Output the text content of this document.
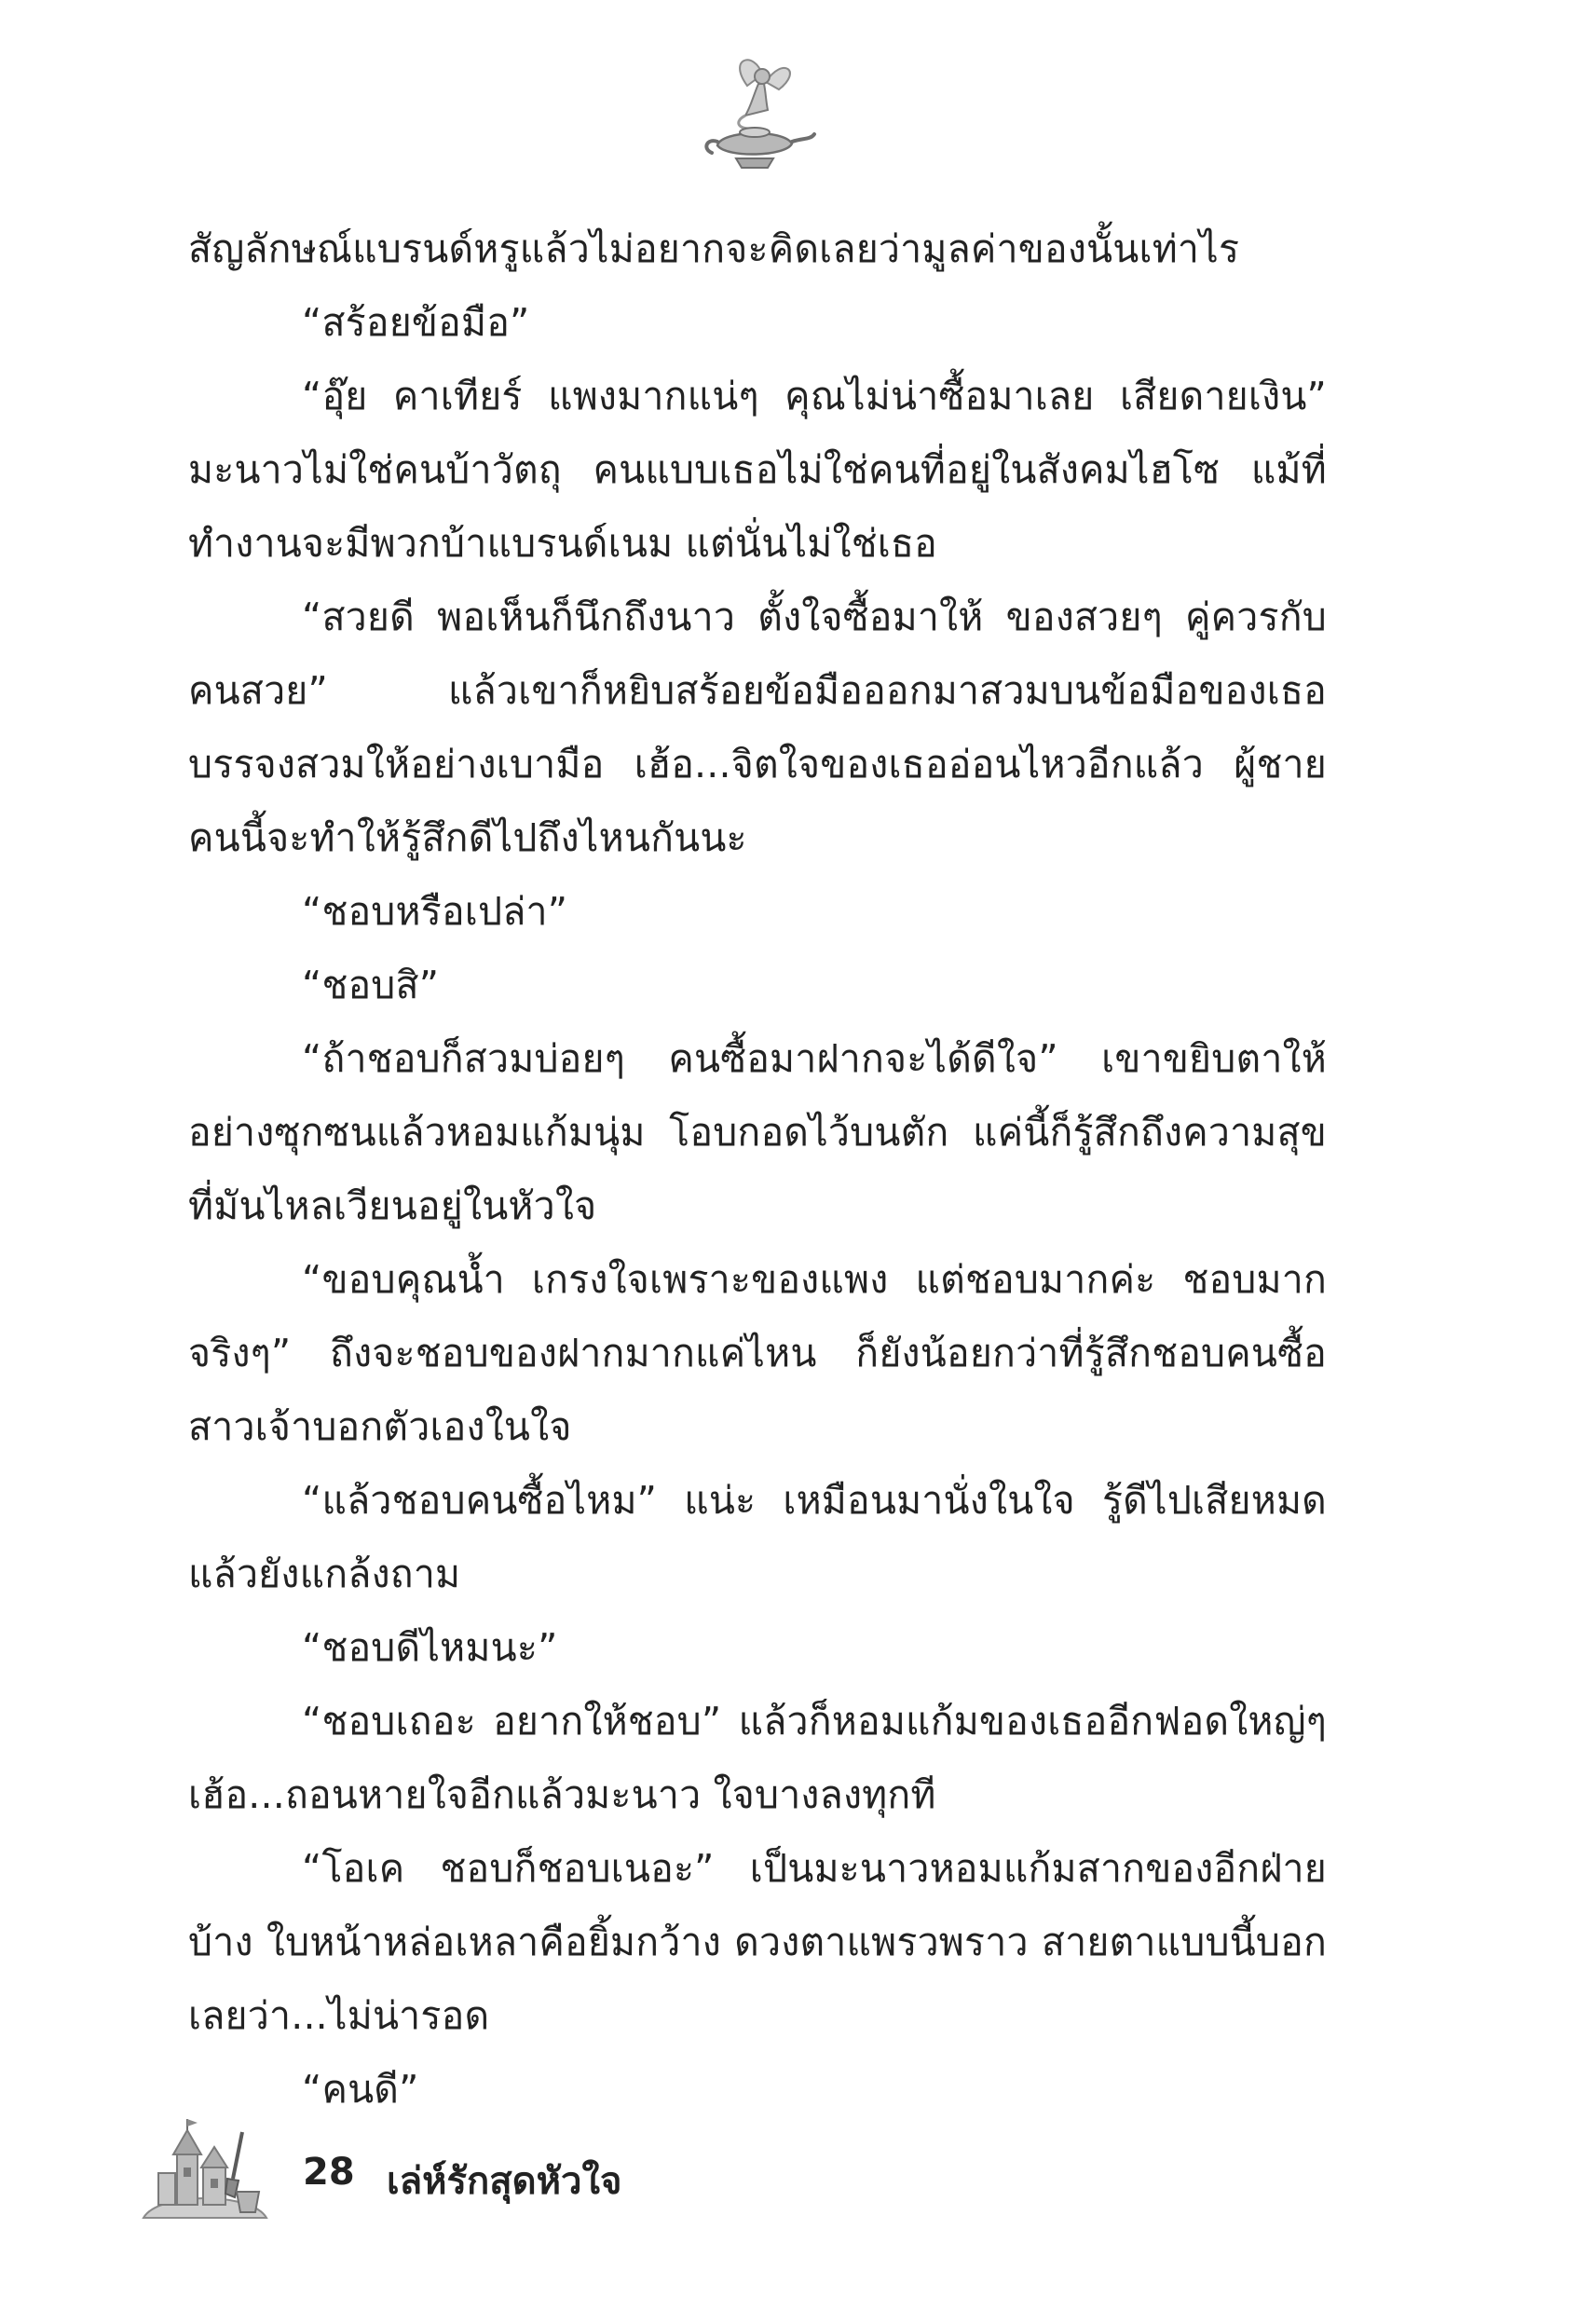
สัญลักษณ์แบรนด์หรูแล้วไม่อยากจะคิดเลยว่ามูลค่าของนั้นเท่าไร

“สร้อยข้อมือ”

“อุ๊ย คาเทียร์ แพงมากแน่ๆ คุณไม่น่าซื้อมาเลย เสียดายเงิน” มะนาวไม่ใช่คนบ้าวัตถุ คนแบบเธอไม่ใช่คนที่อยู่ในสังคมไฮโซ แม้ที่ทำงานจะมีพวกบ้าแบรนด์เนม แต่นั่นไม่ใช่เธอ

“สวยดี พอเห็นก็นึกถึงนาว ตั้งใจซื้อมาให้ ของสวยๆ คู่ควรกับคนสวย” แล้วเขาก็หยิบสร้อยข้อมือออกมาสวมบนข้อมือของเธอ บรรจงสวมให้อย่างเบามือ เฮ้อ...จิตใจของเธออ่อนไหวอีกแล้ว ผู้ชายคนนี้จะทำให้รู้สึกดีไปถึงไหนกันนะ

“ชอบหรือเปล่า”

“ชอบสิ”

“ถ้าชอบก็สวมบ่อยๆ คนซื้อมาฝากจะได้ดีใจ” เขาขยิบตาให้อย่างซุกซนแล้วหอมแก้มนุ่ม โอบกอดไว้บนตัก แค่นี้ก็รู้สึกถึงความสุขที่มันไหลเวียนอยู่ในหัวใจ

“ขอบคุณน้ำ เกรงใจเพราะของแพง แต่ชอบมากค่ะ ชอบมากจริงๆ” ถึงจะชอบของฝากมากแค่ไหน ก็ยังน้อยกว่าที่รู้สึกชอบคนซื้อ สาวเจ้าบอกตัวเองในใจ

“แล้วชอบคนซื้อไหม” แน่ะ เหมือนมานั่งในใจ รู้ดีไปเสียหมดแล้วยังแกล้งถาม

“ชอบดีไหมนะ”

“ชอบเถอะ อยากให้ชอบ” แล้วก็หอมแก้มของเธออีกฟอดใหญ่ๆ เฮ้อ...ถอนหายใจอีกแล้วมะนาว ใจบางลงทุกที

“โอเค ชอบก็ชอบเนอะ” เป็นมะนาวหอมแก้มสากของอีกฝ่ายบ้าง ใบหน้าหล่อเหลาคือยิ้มกว้าง ดวงตาแพรวพราว สายตาแบบนี้บอกเลยว่า...ไม่น่ารอด

“คนดี”

28 เล่ห์รักสุดหัวใจ
